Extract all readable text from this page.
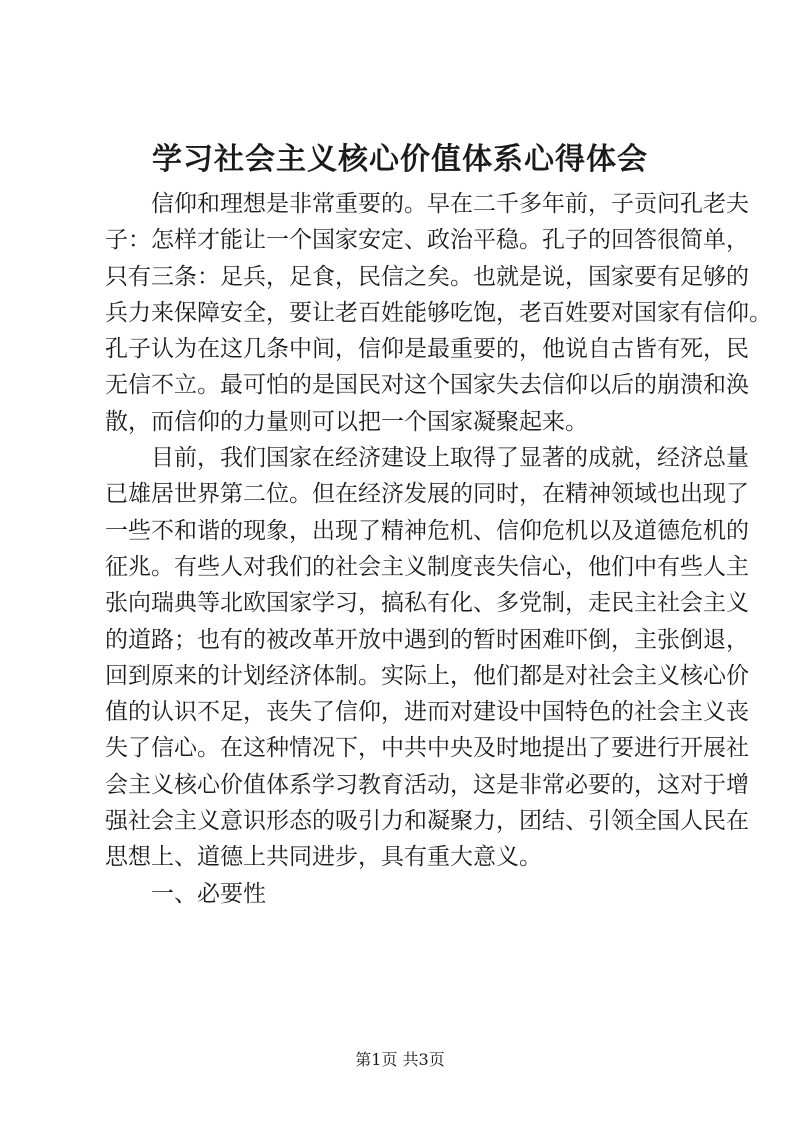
学习社会主义核心价值体系心得体会

信仰和理想是非常重要的。早在二千多年前，子贡问孔老夫
子：怎样才能让一个国家安定、政治平稳。孔子的回答很简单，
只有三条：足兵，足食，民信之矣。也就是说，国家要有足够的
兵力来保障安全，要让老百姓能够吃饱，老百姓要对国家有信仰。
孔子认为在这几条中间，信仰是最重要的，他说自古皆有死，民
无信不立。最可怕的是国民对这个国家失去信仰以后的崩溃和涣
散，而信仰的力量则可以把一个国家凝聚起来。

目前，我们国家在经济建设上取得了显著的成就，经济总量
已雄居世界第二位。但在经济发展的同时，在精神领域也出现了
一些不和谐的现象，出现了精神危机、信仰危机以及道德危机的
征兆。有些人对我们的社会主义制度丧失信心，他们中有些人主
张向瑞典等北欧国家学习，搞私有化、多党制，走民主社会主义
的道路；也有的被改革开放中遇到的暂时困难吓倒，主张倒退，
回到原来的计划经济体制。实际上，他们都是对社会主义核心价
值的认识不足，丧失了信仰，进而对建设中国特色的社会主义丧
失了信心。在这种情况下，中共中央及时地提出了要进行开展社
会主义核心价值体系学习教育活动，这是非常必要的，这对于增
强社会主义意识形态的吸引力和凝聚力，团结、引领全国人民在
思想上、道德上共同进步，具有重大意义。

一、必要性

第1页 共3页
